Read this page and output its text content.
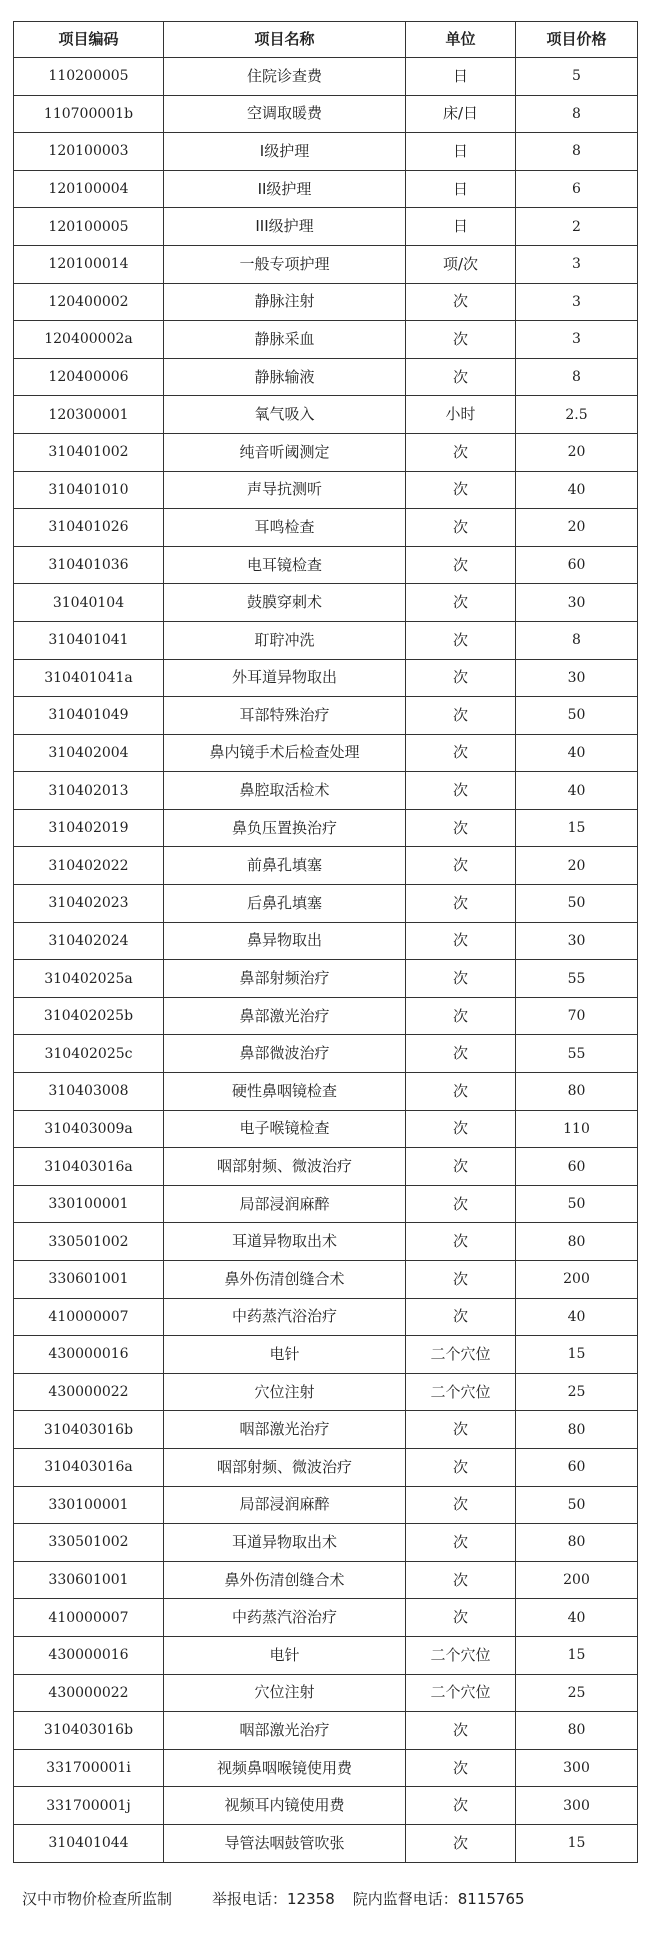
项目编码	项目名称	单位	项目价格
110200005	住院诊查费	日	5
110700001b	空调取暖费	床/日	8
120100003	I级护理	日	8
120100004	II级护理	日	6
120100005	III级护理	日	2
120100014	一般专项护理	项/次	3
120400002	静脉注射	次	3
120400002a	静脉采血	次	3
120400006	静脉输液	次	8
120300001	氧气吸入	小时	2.5
310401002	纯音听阈测定	次	20
310401010	声导抗测听	次	40
310401026	耳鸣检查	次	20
310401036	电耳镜检查	次	60
31040104	鼓膜穿刺术	次	30
310401041	耵聍冲洗	次	8
310401041a	外耳道异物取出	次	30
310401049	耳部特殊治疗	次	50
310402004	鼻内镜手术后检查处理	次	40
310402013	鼻腔取活检术	次	40
310402019	鼻负压置换治疗	次	15
310402022	前鼻孔填塞	次	20
310402023	后鼻孔填塞	次	50
310402024	鼻异物取出	次	30
310402025a	鼻部射频治疗	次	55
310402025b	鼻部激光治疗	次	70
310402025c	鼻部微波治疗	次	55
310403008	硬性鼻咽镜检查	次	80
310403009a	电子喉镜检查	次	110
310403016a	咽部射频、微波治疗	次	60
330100001	局部浸润麻醉	次	50
330501002	耳道异物取出术	次	80
330601001	鼻外伤清创缝合术	次	200
410000007	中药蒸汽浴治疗	次	40
430000016	电针	二个穴位	15
430000022	穴位注射	二个穴位	25
310403016b	咽部激光治疗	次	80
310403016a	咽部射频、微波治疗	次	60
330100001	局部浸润麻醉	次	50
330501002	耳道异物取出术	次	80
330601001	鼻外伤清创缝合术	次	200
410000007	中药蒸汽浴治疗	次	40
430000016	电针	二个穴位	15
430000022	穴位注射	二个穴位	25
310403016b	咽部激光治疗	次	80
331700001i	视频鼻咽喉镜使用费	次	300
331700001j	视频耳内镜使用费	次	300
310401044	导管法咽鼓管吹张	次	15
汉中市物价检查所监制	举报电话：12358 院内监督电话：8115765
